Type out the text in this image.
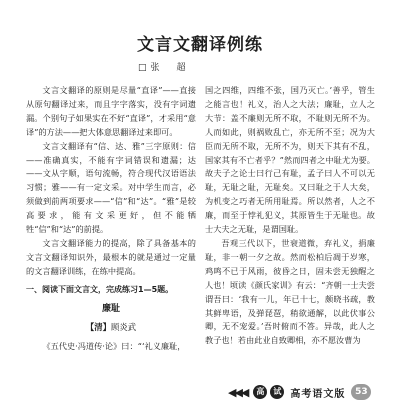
文言文翻译例练
□张　超

文言文翻译的原则是尽量“直译”——直接从原句翻译过来，而且字字落实，没有字词遗漏。个别句子如果实在不好“直译”，才采用“意译”的方法——把大体意思翻译过来即可。

文言文翻译有“信、达、雅”三字原则：信——准确真实，不能有字词错误和遗漏；达——文从字顺，语句流畅，符合现代汉语语法习惯；雅——有一定文采。对中学生而言，必须做到前两项要求——“信”和“达”。“雅”是较高要求，能有文采更好，但不能牺牲“信”和“达”的前提。

文言文翻译能力的提高，除了具备基本的文言文翻译知识外，最根本的就是通过一定量的文言翻译训练，在练中提高。

一、阅读下面文言文，完成练习1—5题。

廉耻
【清】顾炎武

《五代史·冯道传·论》曰：“‘礼义廉耻，

国之四维，四维不张，国乃灭亡。’善乎，管生之能言也！礼义，治人之大法；廉耻，立人之大节：盖不廉则无所不取，不耻则无所不为。人而如此，则祸败乱亡，亦无所不至；况为大臣而无所不取，无所不为，则天下其有不乱，国家其有不亡者乎？”然而四者之中耻尤为要。故夫子之论士曰行己有耻，孟子曰人不可以无耻，无耻之耻，无耻矣。又曰耻之于人大矣，为机变之巧者无所用耻焉。所以然者，人之不廉，而至于悖礼犯义，其原皆生于无耻也。故士大夫之无耻，是谓国耻。

吾观三代以下，世衰道微，弃礼义，捐廉耻，非一朝一夕之故。然而松柏后凋于岁寒，鸡鸣不已于风雨，彼昏之日，固未尝无独醒之人也！顷读《颜氏家训》有云：“齐朝一士夫尝谓吾曰：‘我有一儿，年已十七，颇晓书疏，教其鲜卑语，及弹琵琶，稍欲通解，以此伏事公卿，无不宠爱。’吾时俯而不答。异哉，此人之教子也！若由此业自致卿相，亦不愿汝曹为

◀◀◀	高	试 高考语文版	53
